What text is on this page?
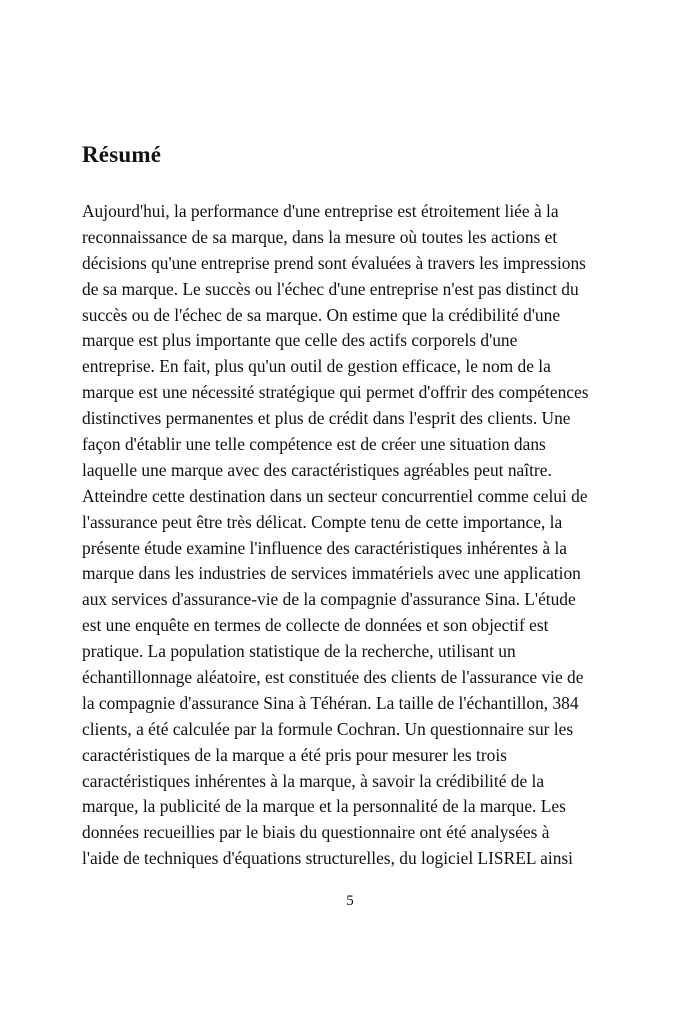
Résumé
Aujourd'hui, la performance d'une entreprise est étroitement liée à la
reconnaissance de sa marque, dans la mesure où toutes les actions et
décisions qu'une entreprise prend sont évaluées à travers les impressions
de sa marque. Le succès ou l'échec d'une entreprise n'est pas distinct du
succès ou de l'échec de sa marque. On estime que la crédibilité d'une
marque est plus importante que celle des actifs corporels d'une
entreprise. En fait, plus qu'un outil de gestion efficace, le nom de la
marque est une nécessité stratégique qui permet d'offrir des compétences
distinctives permanentes et plus de crédit dans l'esprit des clients. Une
façon d'établir une telle compétence est de créer une situation dans
laquelle une marque avec des caractéristiques agréables peut naître.
Atteindre cette destination dans un secteur concurrentiel comme celui de
l'assurance peut être très délicat. Compte tenu de cette importance, la
présente étude examine l'influence des caractéristiques inhérentes à la
marque dans les industries de services immatériels avec une application
aux services d'assurance-vie de la compagnie d'assurance Sina. L'étude
est une enquête en termes de collecte de données et son objectif est
pratique. La population statistique de la recherche, utilisant un
échantillonnage aléatoire, est constituée des clients de l'assurance vie de
la compagnie d'assurance Sina à Téhéran. La taille de l'échantillon, 384
clients, a été calculée par la formule Cochran. Un questionnaire sur les
caractéristiques de la marque a été pris pour mesurer les trois
caractéristiques inhérentes à la marque, à savoir la crédibilité de la
marque, la publicité de la marque et la personnalité de la marque. Les
données recueillies par le biais du questionnaire ont été analysées à
l'aide de techniques d'équations structurelles, du logiciel LISREL ainsi
5
